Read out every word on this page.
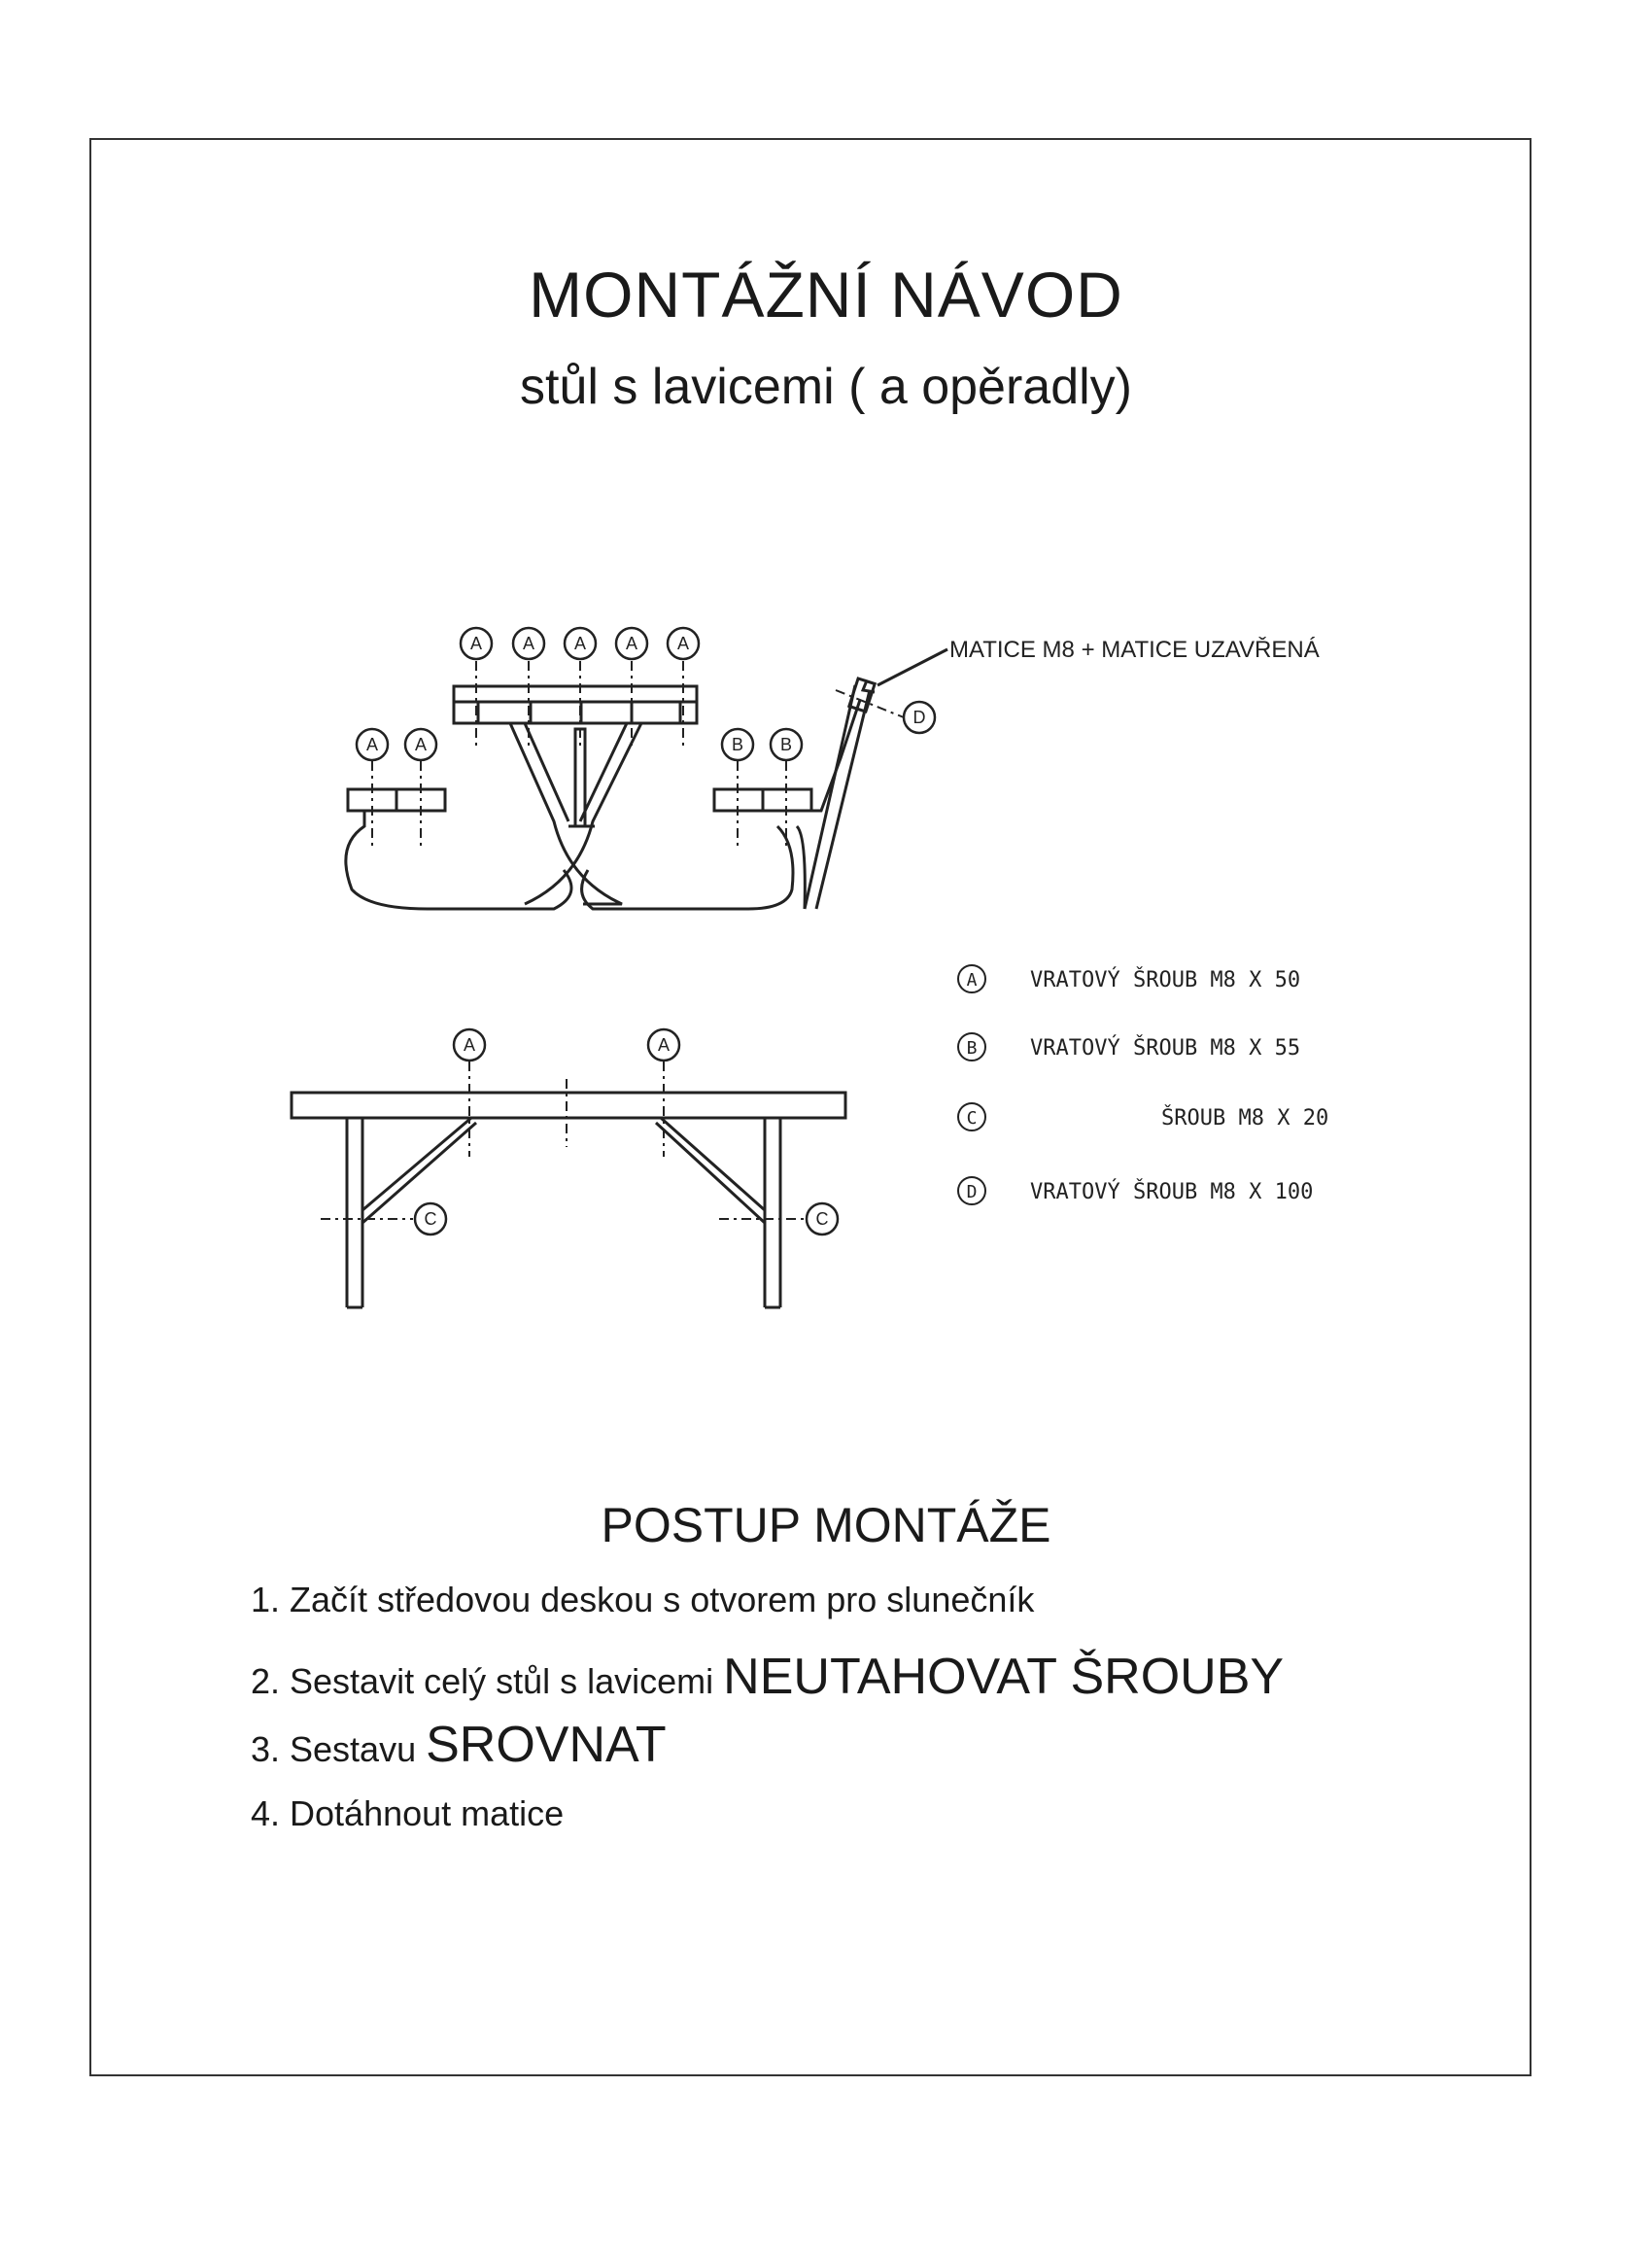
MONTÁŽNÍ NÁVOD
stůl s lavicemi ( a opěradly)
A A A A A
A A	B B
D
A	A
C	C
MATICE M8 + MATICE UZAVŘENÁ
A VRATOVÝ ŠROUB M8 X 50
B VRATOVÝ ŠROUB M8 X 55
C	ŠROUB M8 X 20
D VRATOVÝ ŠROUB M8 X 100
POSTUP MONTÁŽE
1. Začít středovou deskou s otvorem pro slunečník
2. Sestavit celý stůl s lavicemi NEUTAHOVAT ŠROUBY
3. Sestavu SROVNAT
4. Dotáhnout matice
